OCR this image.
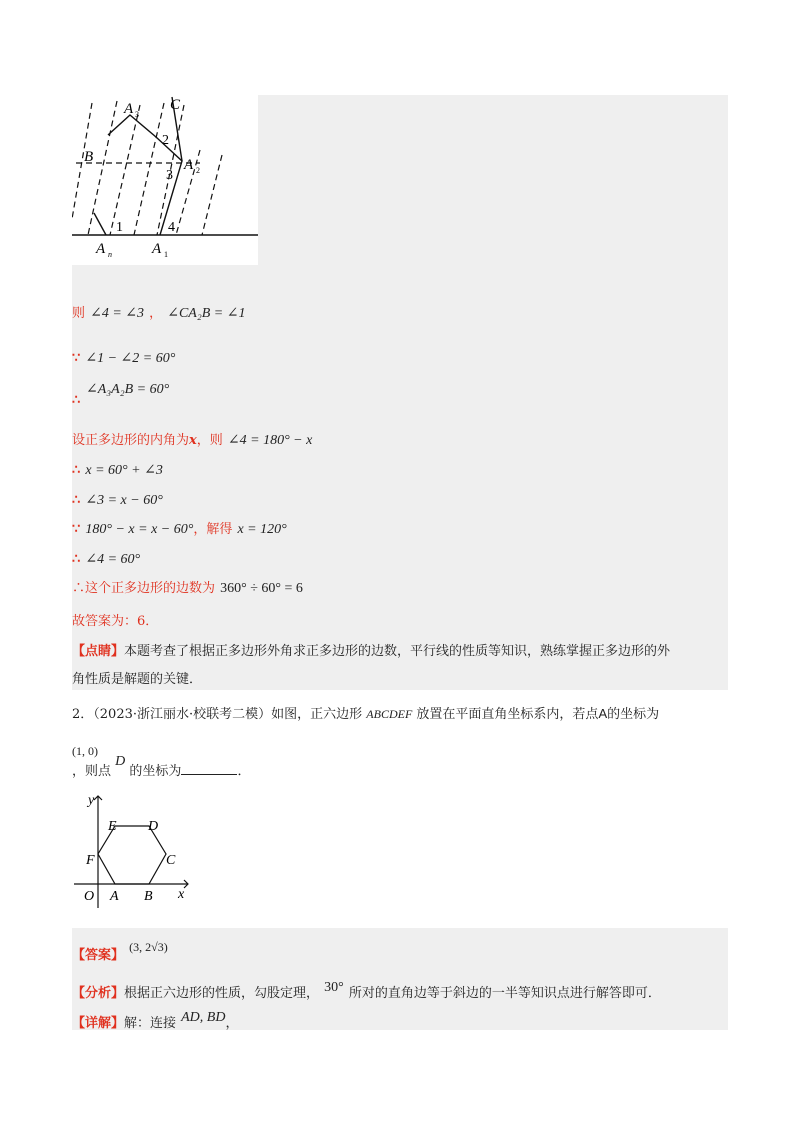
A 3
C
B	A 2
1
2
3
4
A n	A 1
则 ∠4 = ∠3 ， ∠CA₂B = ∠1
∵ ∠1 − ∠2 = 60°
∠A₃A₂B = 60°
∴
设正多边形的内角为x，则 ∠4 = 180° − x
∴ x = 60° + ∠3
∴ ∠3 = x − 60°
∵ 180° − x = x − 60°，解得 x = 120°
∴ ∠4 = 60°
∴这个正多边形的边数为 360° ÷ 60° = 6
故答案为：6．
【点睛】本题考查了根据正多边形外角求正多边形的边数，平行线的性质等知识，熟练掌握正多边形的外
角性质是解题的关键．
2．（2023·浙江丽水·校联考二模）如图，正六边形 ABCDEF 放置在平面直角坐标系内，若点A的坐标为
(1, 0)
，则点 D 的坐标为	．
y
x
O A B
C
D
E
F
$_{【答案】}$ (3, 2√3)
【分析】根据正六边形的性质，勾股定理， 30° 所对的直角边等于斜边的一半等知识点进行解答即可．
【详解】解：连接 AD, BD，
